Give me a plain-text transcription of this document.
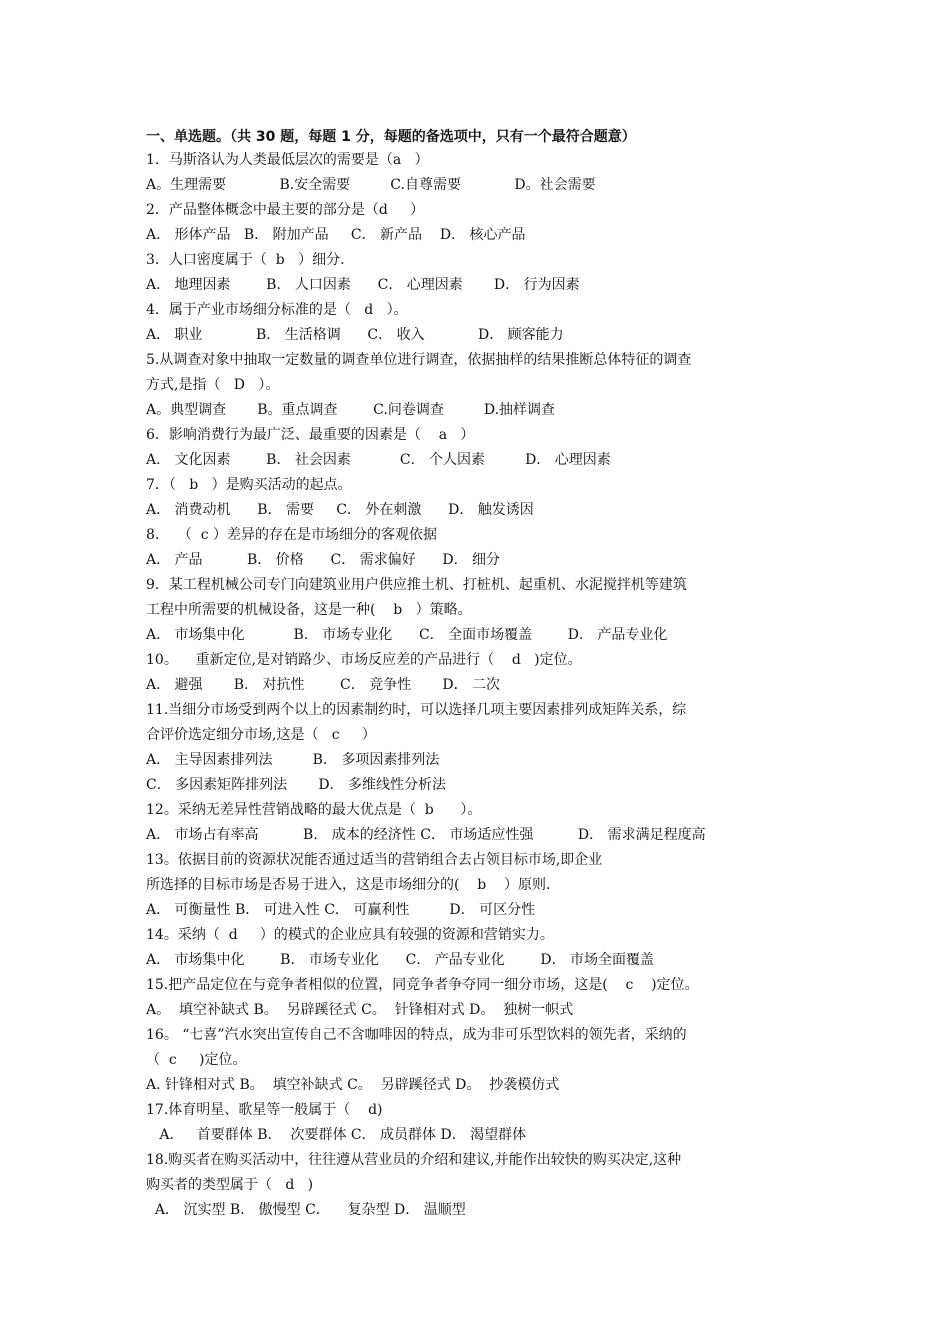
一、单选题。（共 30 题，每题 1 分，每题的备选项中，只有一个最符合题意）
1．马斯洛认为人类最低层次的需要是（a   ）
A。生理需要            B.安全需要         C.自尊需要            D。社会需要
2．产品整体概念中最主要的部分是（d     ）
A． 形体产品   B． 附加产品     C． 新产品    D． 核心产品
3．人口密度属于（  b   ）细分.
A． 地理因素        B． 人口因素      C． 心理因素       D． 行为因素
4．属于产业市场细分标准的是（   d   ）。
A． 职业            B． 生活格调      C． 收入            D． 顾客能力
5.从调查对象中抽取一定数量的调查单位进行调查，依据抽样的结果推断总体特征的调查
方式,是指（   D   ）。
A。典型调查       B。重点调查        C.问卷调查         D.抽样调查
6．影响消费行为最广泛、最重要的因素是（    a   ）
A． 文化因素        B． 社会因素           C． 个人因素         D． 心理因素
7．（   b   ）是购买活动的起点。
A． 消费动机      B． 需要     C． 外在刺激      D． 触发诱因
8．  （  c ）差异的存在是市场细分的客观依据
A． 产品          B． 价格      C． 需求偏好      D． 细分
9．某工程机械公司专门向建筑业用户供应推土机、打桩机、起重机、水泥搅拌机等建筑
工程中所需要的机械设备，这是一种(    b   ）策略。
A． 市场集中化           B． 市场专业化      C． 全面市场覆盖        D． 产品专业化
10。    重新定位,是对销路少、市场反应差的产品进行（    d   )定位。
A． 避强       B． 对抗性        C． 竞争性       D． 二次
11.当细分市场受到两个以上的因素制约时，可以选择几项主要因素排列成矩阵关系，综
合评价选定细分市场,这是（   c     ）
A． 主导因素排列法         B． 多项因素排列法
C． 多因素矩阵排列法       D． 多维线性分析法
12。采纳无差异性营销战略的最大优点是（  b      ）。
A． 市场占有率高          B． 成本的经济性 C． 市场适应性强          D． 需求满足程度高
13。依据目前的资源状况能否通过适当的营销组合去占领目标市场,即企业
所选择的目标市场是否易于进入，这是市场细分的(    b    ）原则.
A． 可衡量性 B． 可进入性 C． 可赢利性         D． 可区分性
14。采纳（  d     ）的模式的企业应具有较强的资源和营销实力。
A． 市场集中化        B． 市场专业化      C． 产品专业化        D． 市场全面覆盖
15.把产品定位在与竞争者相似的位置，同竞争者争夺同一细分市场，这是(    c    )定位。
A。  填空补缺式 B。  另辟蹊径式 C。  针锋相对式 D。  独树一帜式
16。 “七喜”汽水突出宣传自己不含咖啡因的特点，成为非可乐型饮料的领先者，采纳的
（  c     )定位。
A. 针锋相对式 B。  填空补缺式 C。  另辟蹊径式 D。  抄袭模仿式
17.体育明星、歌星等一般属于（    d)
A．   首要群体 B．  次要群体 C． 成员群体 D． 渴望群体
18.购买者在购买活动中，往往遵从营业员的介绍和建议,并能作出较快的购买决定,这种
购买者的类型属于（   d   )
A． 沉实型 B． 傲慢型 C．    复杂型 D． 温顺型
